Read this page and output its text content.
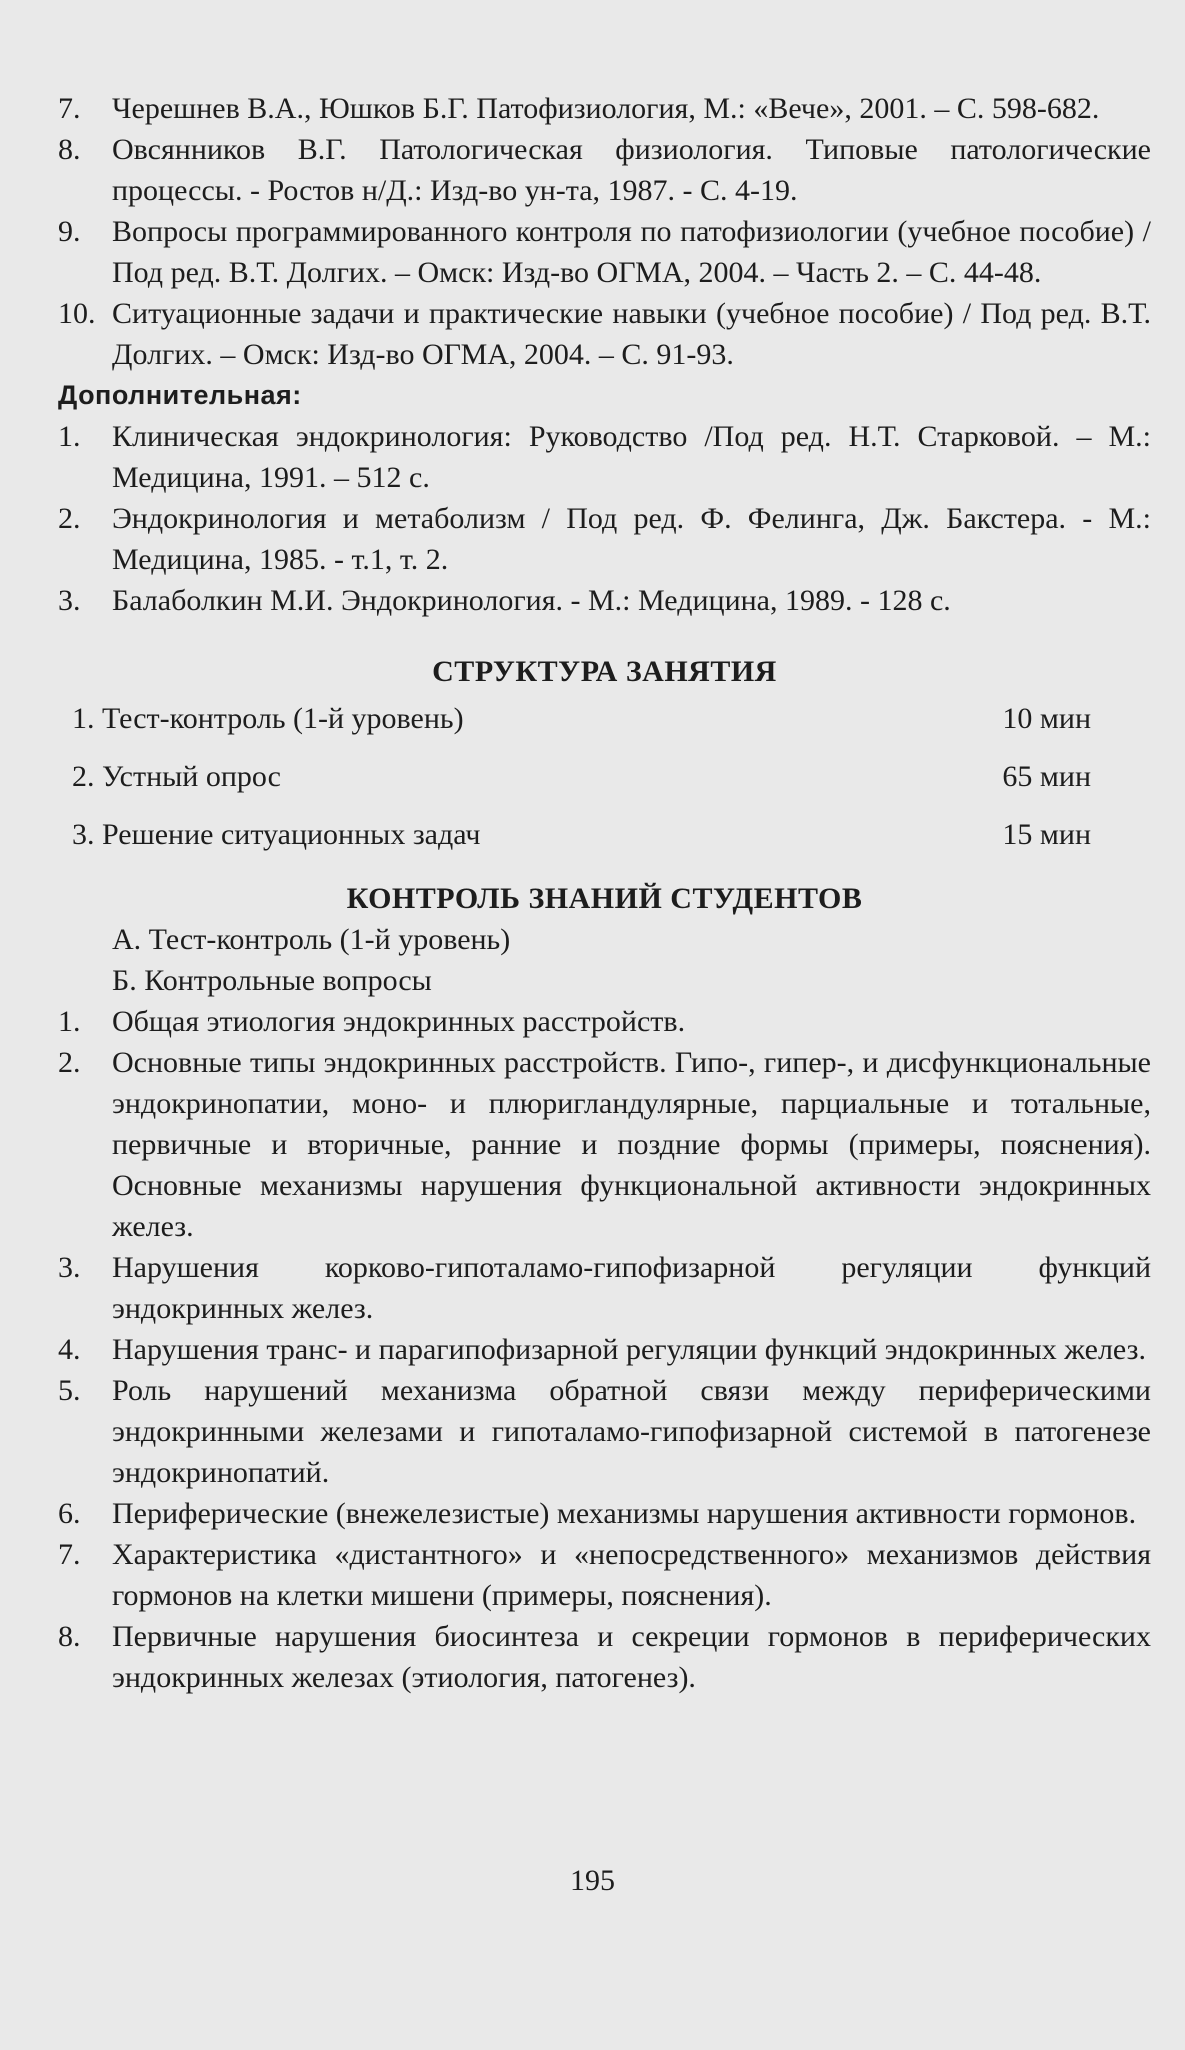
7.	Черешнев В.А., Юшков Б.Г. Патофизиология, М.: «Вече», 2001. – С. 598-682.
8.	Овсянников В.Г. Патологическая физиология. Типовые патологические процессы. - Ростов н/Д.: Изд-во ун-та, 1987. - С. 4-19.
9.	Вопросы программированного контроля по патофизиологии (учебное пособие) / Под ред. В.Т. Долгих. – Омск: Изд-во ОГМА, 2004. – Часть 2. – С. 44-48.
10. Ситуационные задачи и практические навыки (учебное пособие) / Под ред. В.Т. Долгих. – Омск: Изд-во ОГМА, 2004. – С. 91-93.
Дополнительная:
1.	Клиническая эндокринология: Руководство /Под ред. Н.Т. Старковой. – М.: Медицина, 1991. – 512 с.
2.	Эндокринология и метаболизм / Под ред. Ф. Фелинга, Дж. Бакстера. - М.: Медицина, 1985. - т.1, т. 2.
3.	Балаболкин М.И. Эндокринология. - М.: Медицина, 1989. - 128 с.
СТРУКТУРА ЗАНЯТИЯ
1. Тест-контроль (1-й уровень)	10 мин
2. Устный опрос	65 мин
3. Решение ситуационных задач	15 мин
КОНТРОЛЬ ЗНАНИЙ СТУДЕНТОВ
А. Тест-контроль (1-й уровень)
Б. Контрольные вопросы
1.	Общая этиология эндокринных расстройств.
2.	Основные типы эндокринных расстройств. Гипо-, гипер-, и дисфункциональные эндокринопатии, моно- и плюригландулярные, парциальные и тотальные, первичные и вторичные, ранние и поздние формы (примеры, пояснения). Основные механизмы нарушения функциональной активности эндокринных желез.
3.	Нарушения корково-гипоталамо-гипофизарной регуляции функций эндокринных желез.
4.	Нарушения транс- и парагипофизарной регуляции функций эндокринных желез.
5.	Роль нарушений механизма обратной связи между периферическими эндокринными железами и гипоталамо-гипофизарной системой в патогенезе эндокринопатий.
6.	Периферические (внежелезистые) механизмы нарушения активности гормонов.
7.	Характеристика «дистантного» и «непосредственного» механизмов действия гормонов на клетки мишени (примеры, пояснения).
8.	Первичные нарушения биосинтеза и секреции гормонов в периферических эндокринных железах (этиология, патогенез).
195
